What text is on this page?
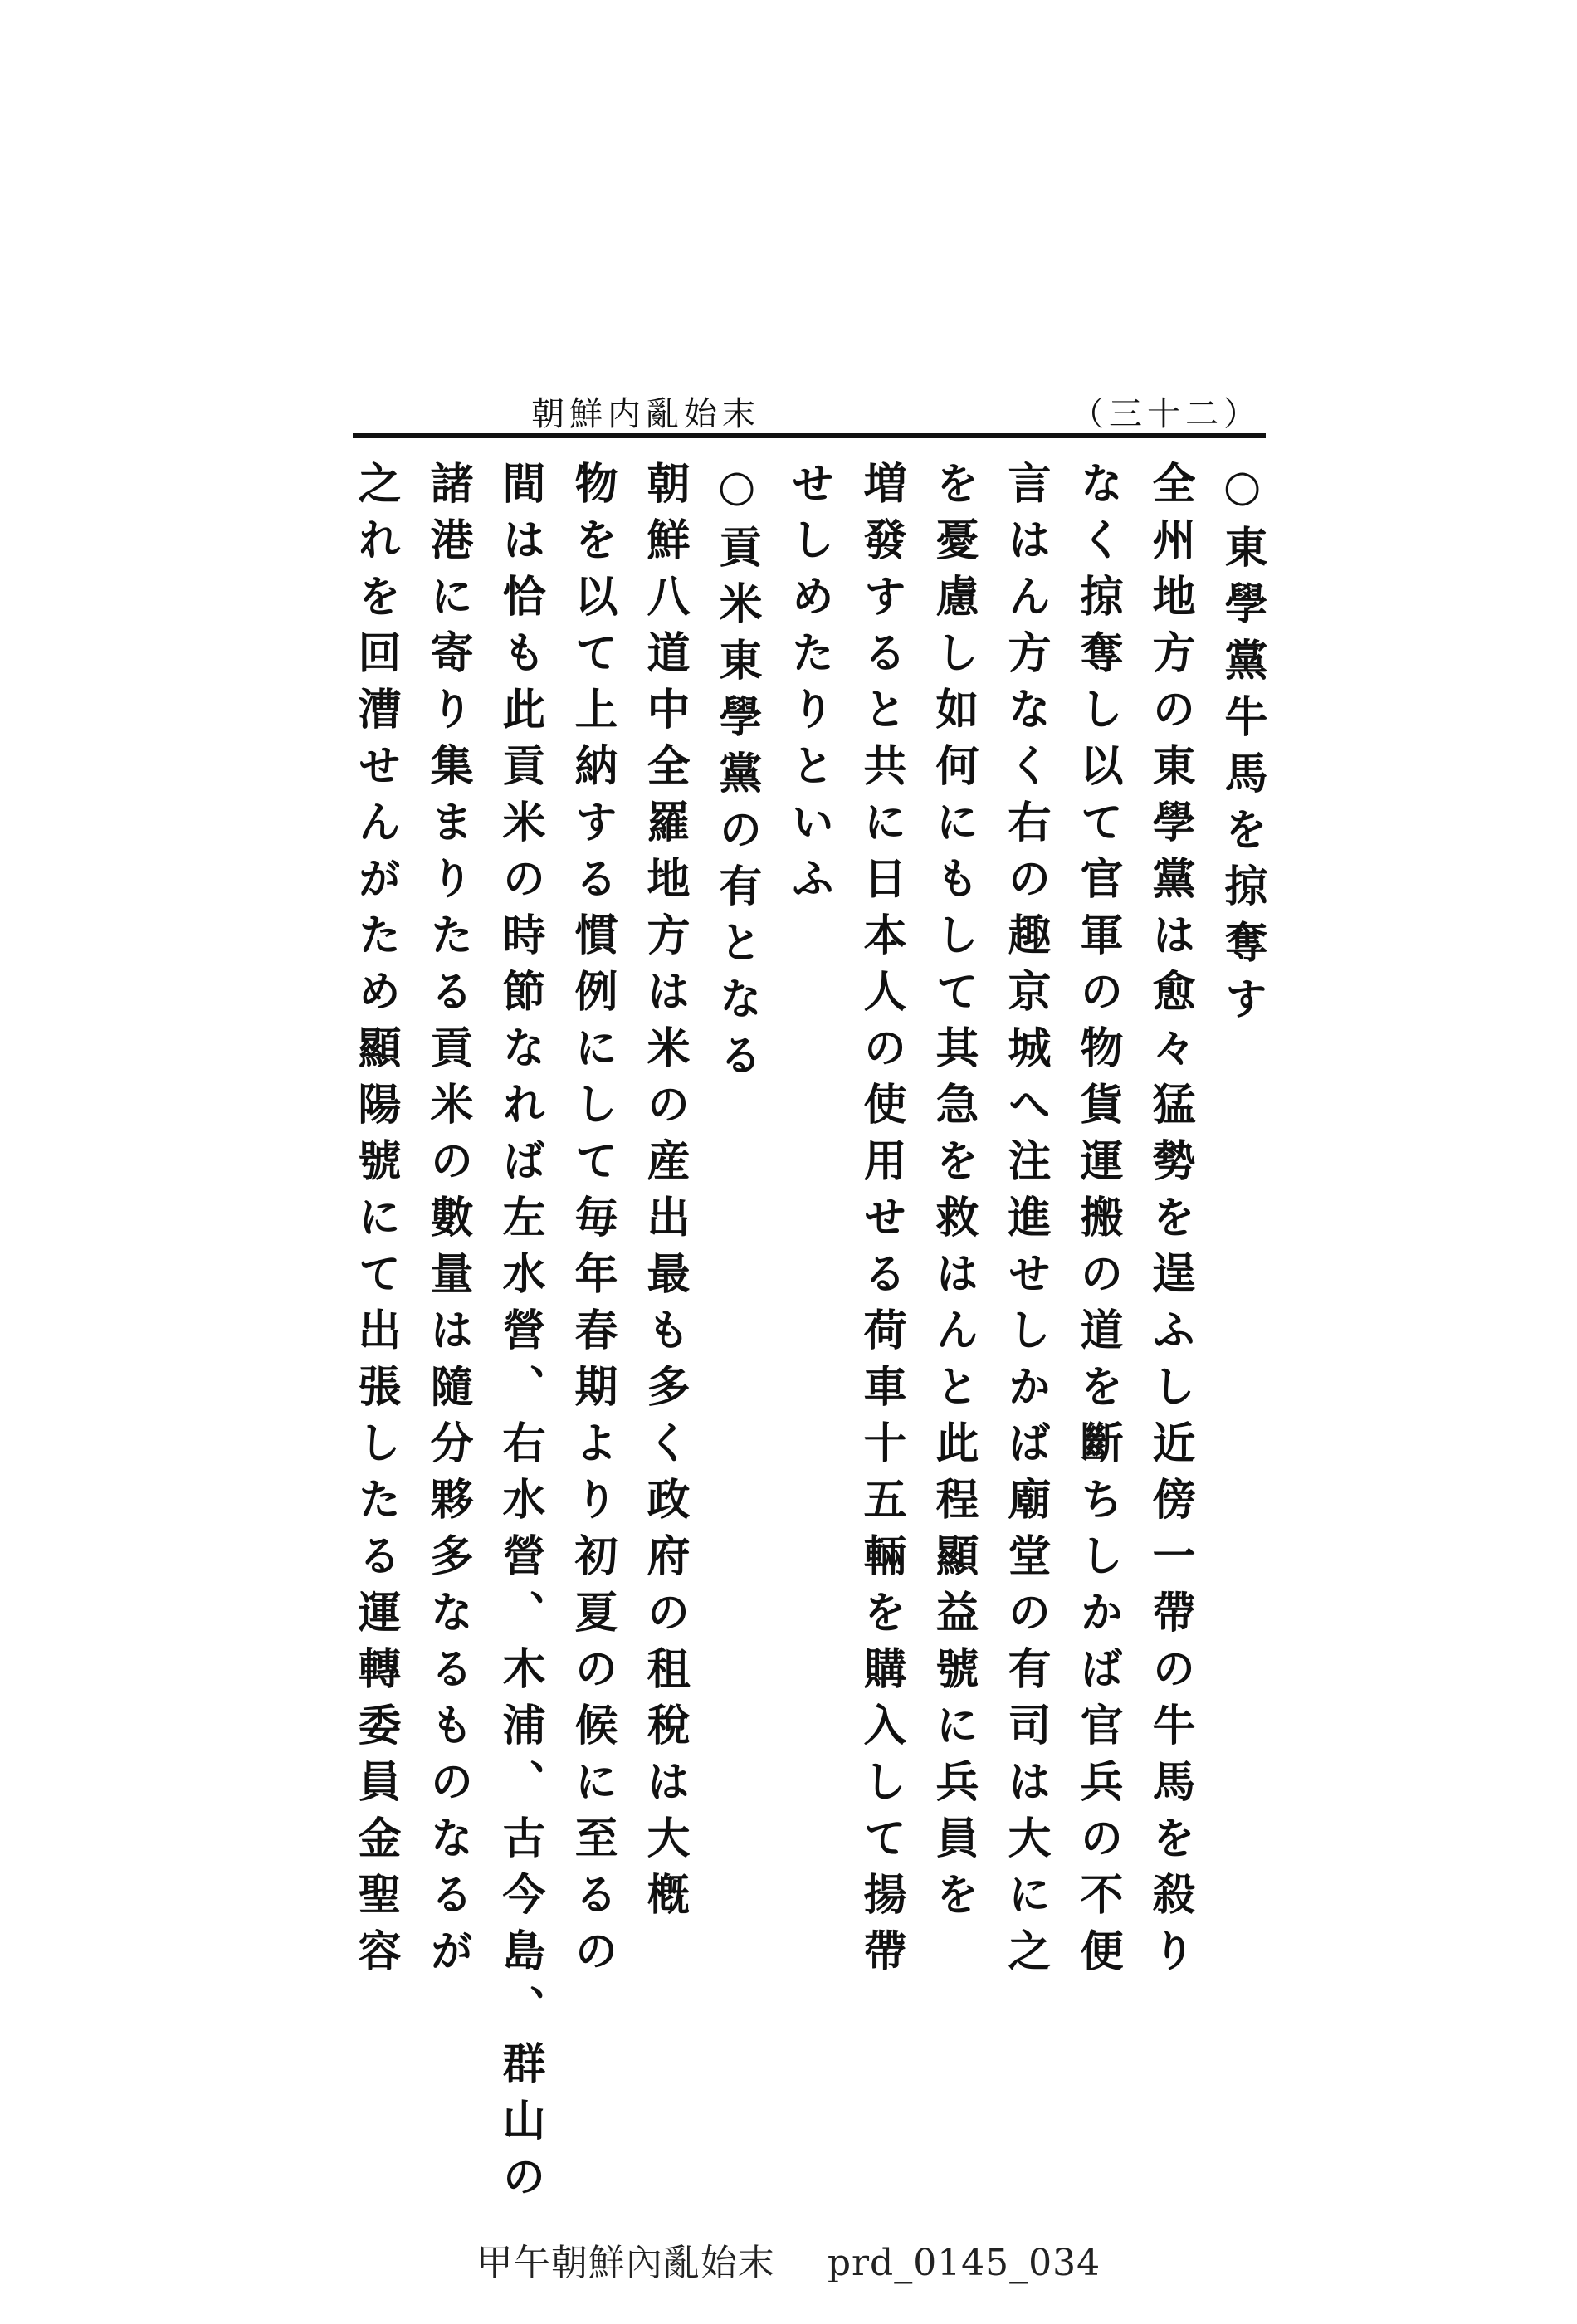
朝鮮内亂始末	（三十二）
○東學黨牛馬を掠奪す
全州地方の東學黨は愈々猛勢を逞ふし近傍一帶の牛馬を殺り
なく掠奪し以て官軍の物貨運搬の道を斷ちしかば官兵の不便
言はん方なく右の趣京城へ注進せしかば廟堂の有司は大に之
を憂慮し如何にもして其急を救はんと此程顯益號に兵員を
増發すると共に日本人の使用せる荷車十五輛を購入して揚帶
せしめたりといふ
○貢米東學黨の有となる
朝鮮八道中全羅地方は米の産出最も多く政府の租稅は大槪
物を以て上納する慣例にして毎年春期より初夏の候に至るの
間は恰も此貢米の時節なれば左水營、右水營、木浦、古今島、群山の
諸港に寄り集まりたる貢米の數量は隨分夥多なるものなるが
之れを回漕せんがため顯陽號にて出張したる運轉委員金聖容
甲午朝鮮內亂始末 prd_0145_034
